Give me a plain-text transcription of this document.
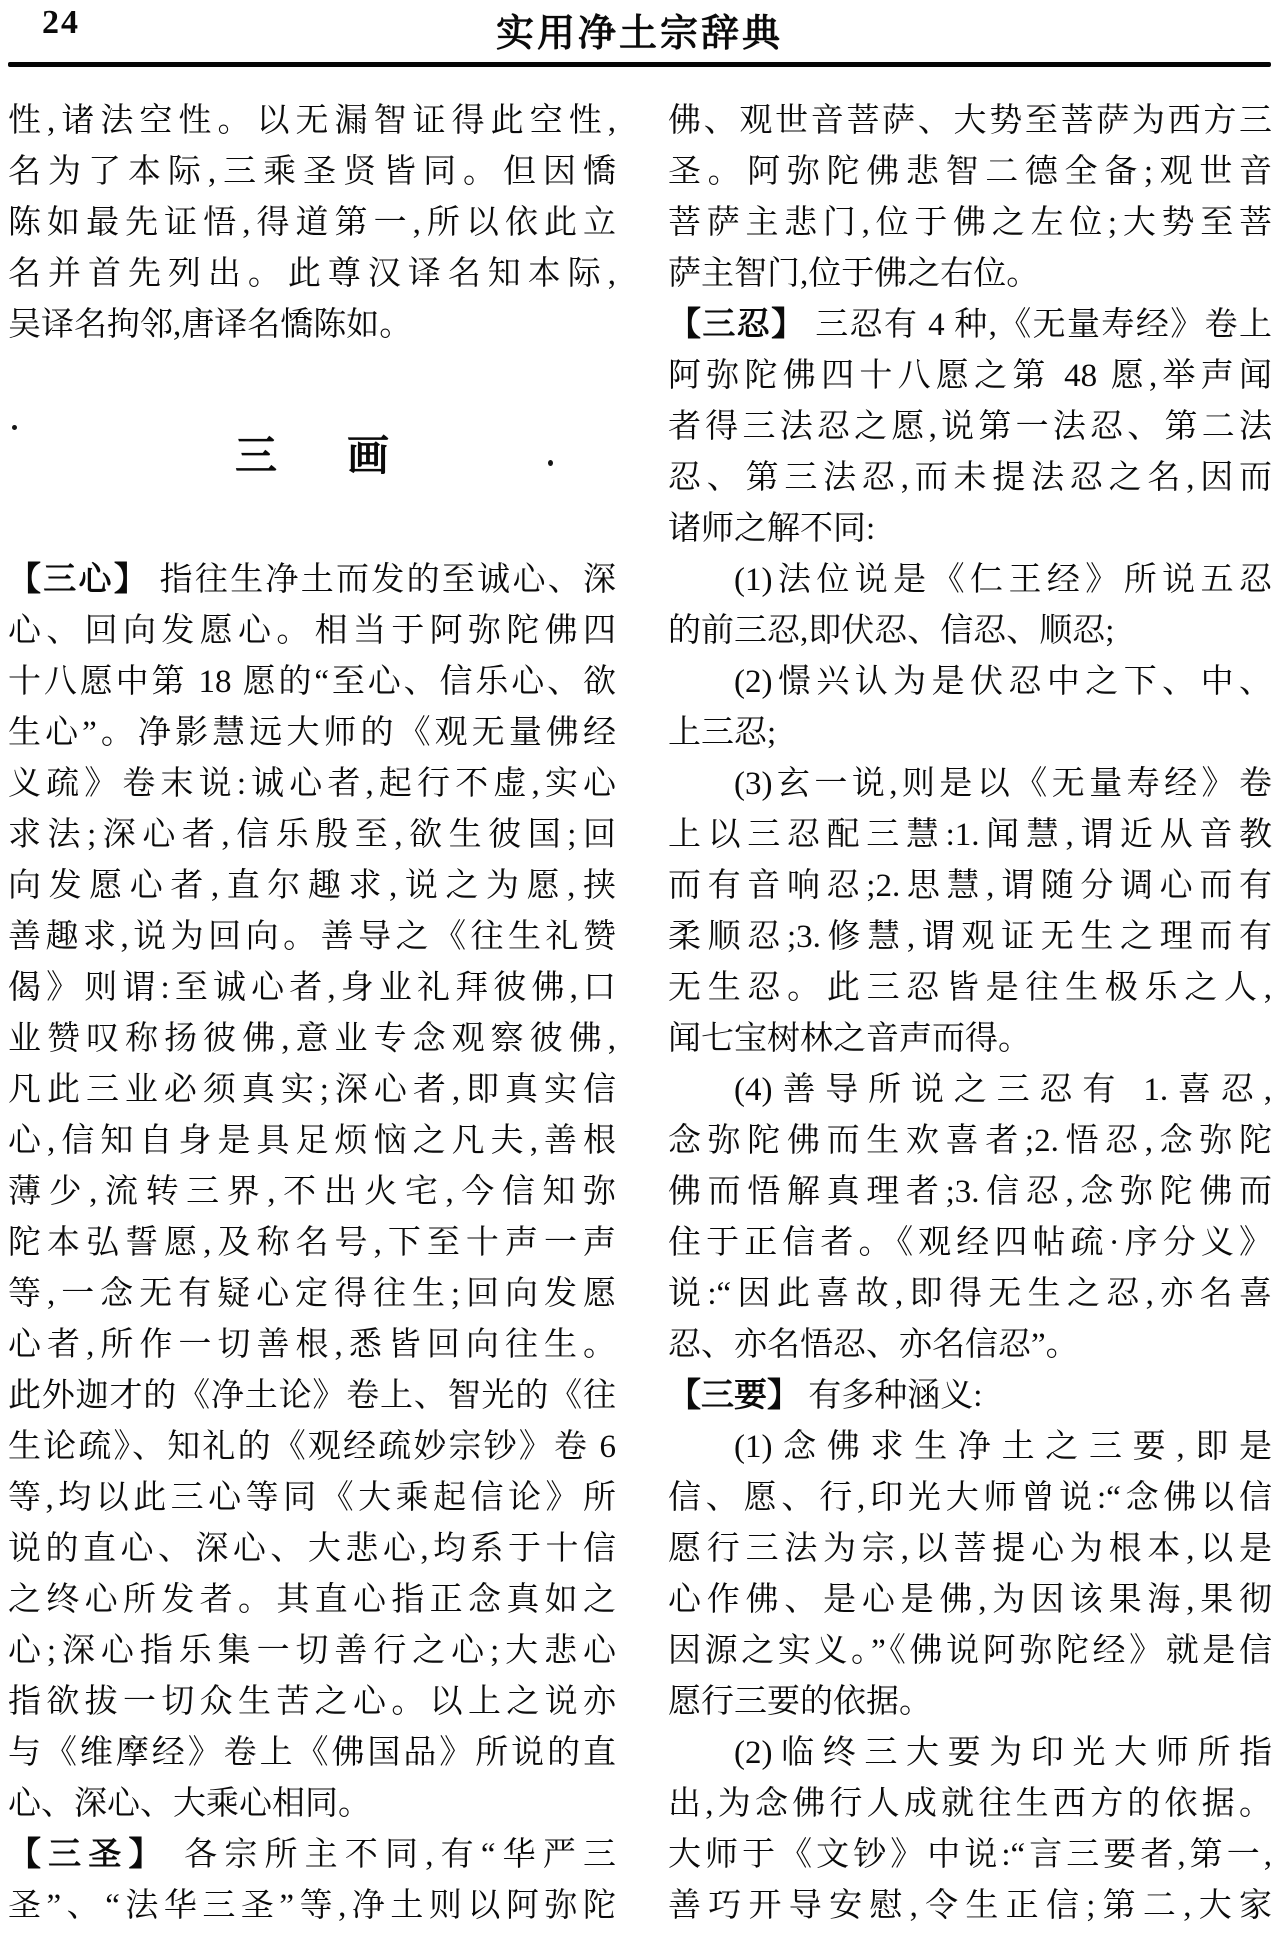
24	实用净土宗辞典
性,诸法空性。以无漏智证得此空性,
名为了本际,三乘圣贤皆同。但因憍
陈如最先证悟,得道第一,所以依此立
名并首先列出。此尊汉译名知本际,
吴译名拘邻,唐译名憍陈如。
三 画
【三心】 指往生净土而发的至诚心、深
心、回向发愿心。相当于阿弥陀佛四
十八愿中第 18 愿的“至心、信乐心、欲
生心”。净影慧远大师的《观无量佛经
义疏》卷末说:诚心者,起行不虚,实心
求法;深心者,信乐殷至,欲生彼国;回
向发愿心者,直尔趣求,说之为愿,挟
善趣求,说为回向。善导之《往生礼赞
偈》则谓:至诚心者,身业礼拜彼佛,口
业赞叹称扬彼佛,意业专念观察彼佛,
凡此三业必须真实;深心者,即真实信
心,信知自身是具足烦恼之凡夫,善根
薄少,流转三界,不出火宅,今信知弥
陀本弘誓愿,及称名号,下至十声一声
等,一念无有疑心定得往生;回向发愿
心者,所作一切善根,悉皆回向往生。
此外迦才的《净土论》卷上、智光的《往
生论疏》、知礼的《观经疏妙宗钞》卷 6
等,均以此三心等同《大乘起信论》所
说的直心、深心、大悲心,均系于十信
之终心所发者。其直心指正念真如之
心;深心指乐集一切善行之心;大悲心
指欲拔一切众生苦之心。以上之说亦
与《维摩经》卷上《佛国品》所说的直
心、深心、大乘心相同。
【三圣】 各宗所主不同,有“华严三
圣”、“法华三圣”等,净土则以阿弥陀
佛、观世音菩萨、大势至菩萨为西方三
圣。阿弥陀佛悲智二德全备;观世音
菩萨主悲门,位于佛之左位;大势至菩
萨主智门,位于佛之右位。
【三忍】 三忍有 4 种,《无量寿经》卷上
阿弥陀佛四十八愿之第 48 愿,举声闻
者得三法忍之愿,说第一法忍、第二法
忍、第三法忍,而未提法忍之名,因而
诸师之解不同:
(1)法位说是《仁王经》所说五忍
的前三忍,即伏忍、信忍、顺忍;
(2)憬兴认为是伏忍中之下、中、
上三忍;
(3)玄一说,则是以《无量寿经》卷
上以三忍配三慧:1.闻慧,谓近从音教
而有音响忍;2.思慧,谓随分调心而有
柔顺忍;3.修慧,谓观证无生之理而有
无生忍。此三忍皆是往生极乐之人,
闻七宝树林之音声而得。
(4)善导所说之三忍有 1.喜忍,
念弥陀佛而生欢喜者;2.悟忍,念弥陀
佛而悟解真理者;3.信忍,念弥陀佛而
住于正信者。《观经四帖疏·序分义》
说:“因此喜故,即得无生之忍,亦名喜
忍、亦名悟忍、亦名信忍”。
【三要】 有多种涵义:
(1)念佛求生净土之三要,即是
信、愿、行,印光大师曾说:“念佛以信
愿行三法为宗,以菩提心为根本,以是
心作佛、是心是佛,为因该果海,果彻
因源之实义。”《佛说阿弥陀经》就是信
愿行三要的依据。
(2)临终三大要为印光大师所指
出,为念佛行人成就往生西方的依据。
大师于《文钞》中说:“言三要者,第一,
善巧开导安慰,令生正信;第二,大家
